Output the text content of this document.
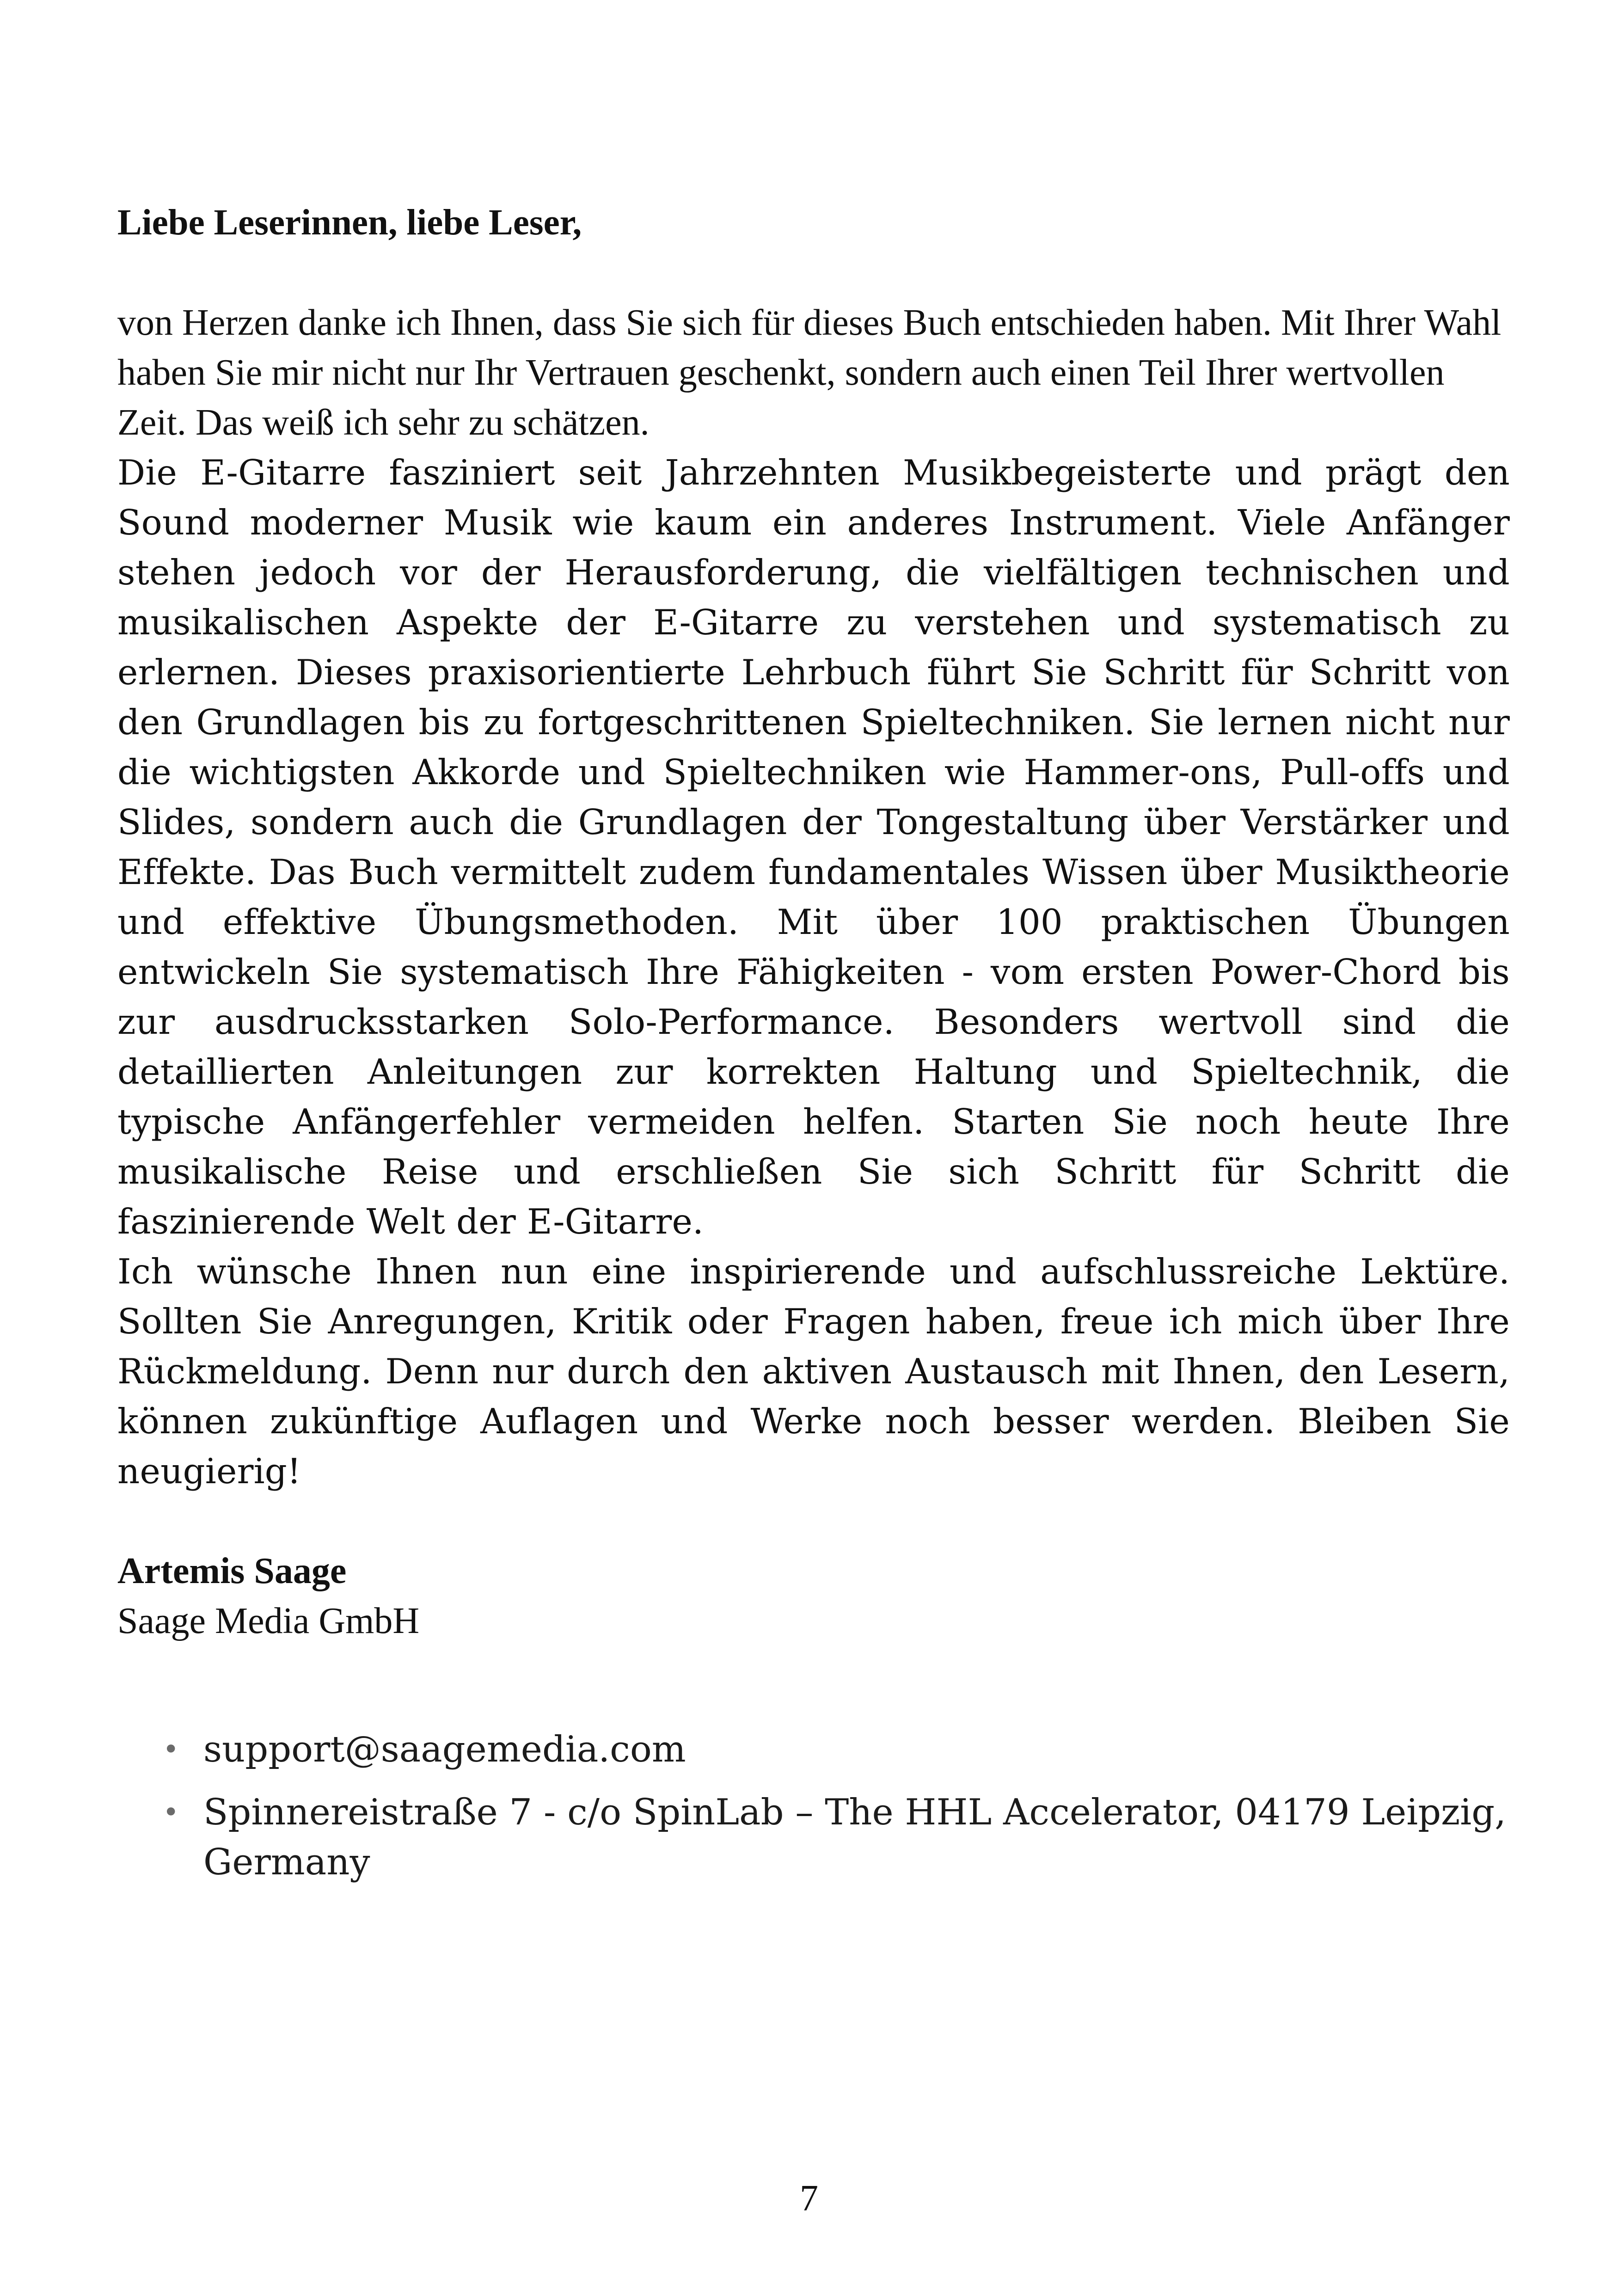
Liebe Leserinnen, liebe Leser,

von Herzen danke ich Ihnen, dass Sie sich für dieses Buch entschieden haben. Mit Ihrer Wahl haben Sie mir nicht nur Ihr Vertrauen geschenkt, sondern auch einen Teil Ihrer wertvollen Zeit. Das weiß ich sehr zu schätzen.

Die E-Gitarre fasziniert seit Jahrzehnten Musikbegeisterte und prägt den Sound moderner Musik wie kaum ein anderes Instrument. Viele Anfänger stehen jedoch vor der Herausforderung, die vielfältigen technischen und musikalischen Aspekte der E-Gitarre zu verstehen und systematisch zu erlernen. Dieses praxisorientierte Lehrbuch führt Sie Schritt für Schritt von den Grundlagen bis zu fortgeschrittenen Spieltechniken. Sie lernen nicht nur die wichtigsten Akkorde und Spieltechniken wie Hammer-ons, Pull-offs und Slides, sondern auch die Grundlagen der Tongestaltung über Verstärker und Effekte. Das Buch vermittelt zudem fundamentales Wissen über Musiktheorie und effektive Übungsmethoden. Mit über 100 praktischen Übungen entwickeln Sie systematisch Ihre Fähigkeiten - vom ersten Power-Chord bis zur ausdrucksstarken Solo-Performance. Besonders wertvoll sind die detaillierten Anleitungen zur korrekten Haltung und Spieltechnik, die typische Anfängerfehler vermeiden helfen. Starten Sie noch heute Ihre musikalische Reise und erschließen Sie sich Schritt für Schritt die faszinierende Welt der E-Gitarre.

Ich wünsche Ihnen nun eine inspirierende und aufschlussreiche Lektüre. Sollten Sie Anregungen, Kritik oder Fragen haben, freue ich mich über Ihre Rückmeldung. Denn nur durch den aktiven Austausch mit Ihnen, den Lesern, können zukünftige Auflagen und Werke noch besser werden. Bleiben Sie neugierig!

Artemis Saage

Saage Media GmbH

• support@saagemedia.com
• Spinnereistraße 7 - c/o SpinLab – The HHL Accelerator, 04179 Leipzig, Germany
7
